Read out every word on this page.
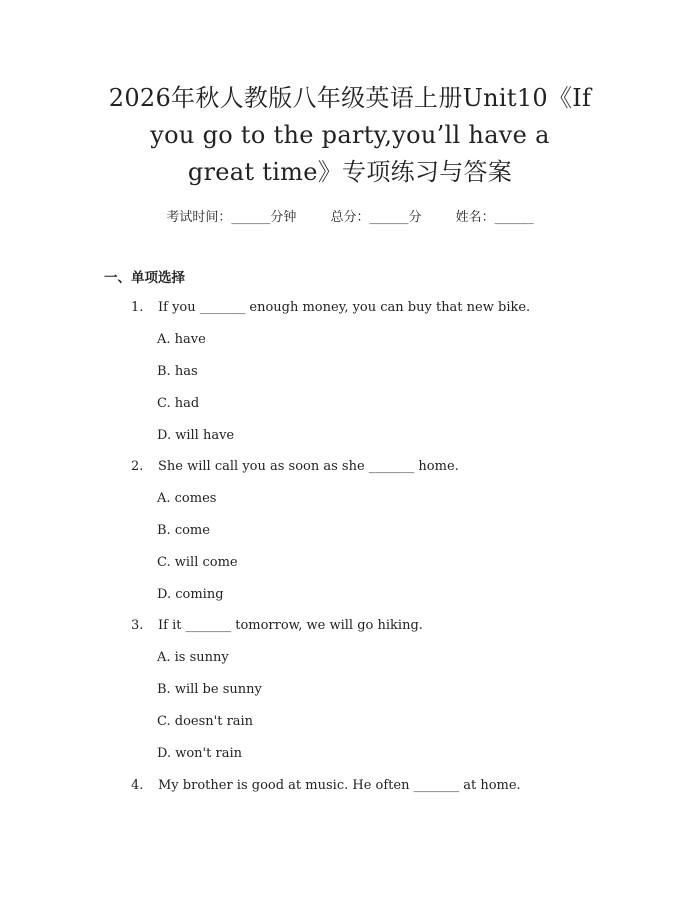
2026年秋人教版八年级英语上册Unit10《If
you go to the party,you’ll have a
great time》专项练习与答案
考试时间：______分钟	总分：______分	姓名：______
一、单项选择
1. If you _______ enough money, you can buy that new bike.
A. have
B. has
C. had
D. will have
2. She will call you as soon as she _______ home.
A. comes
B. come
C. will come
D. coming
3. If it _______ tomorrow, we will go hiking.
A. is sunny
B. will be sunny
C. doesn't rain
D. won't rain
4. My brother is good at music. He often _______ at home.
